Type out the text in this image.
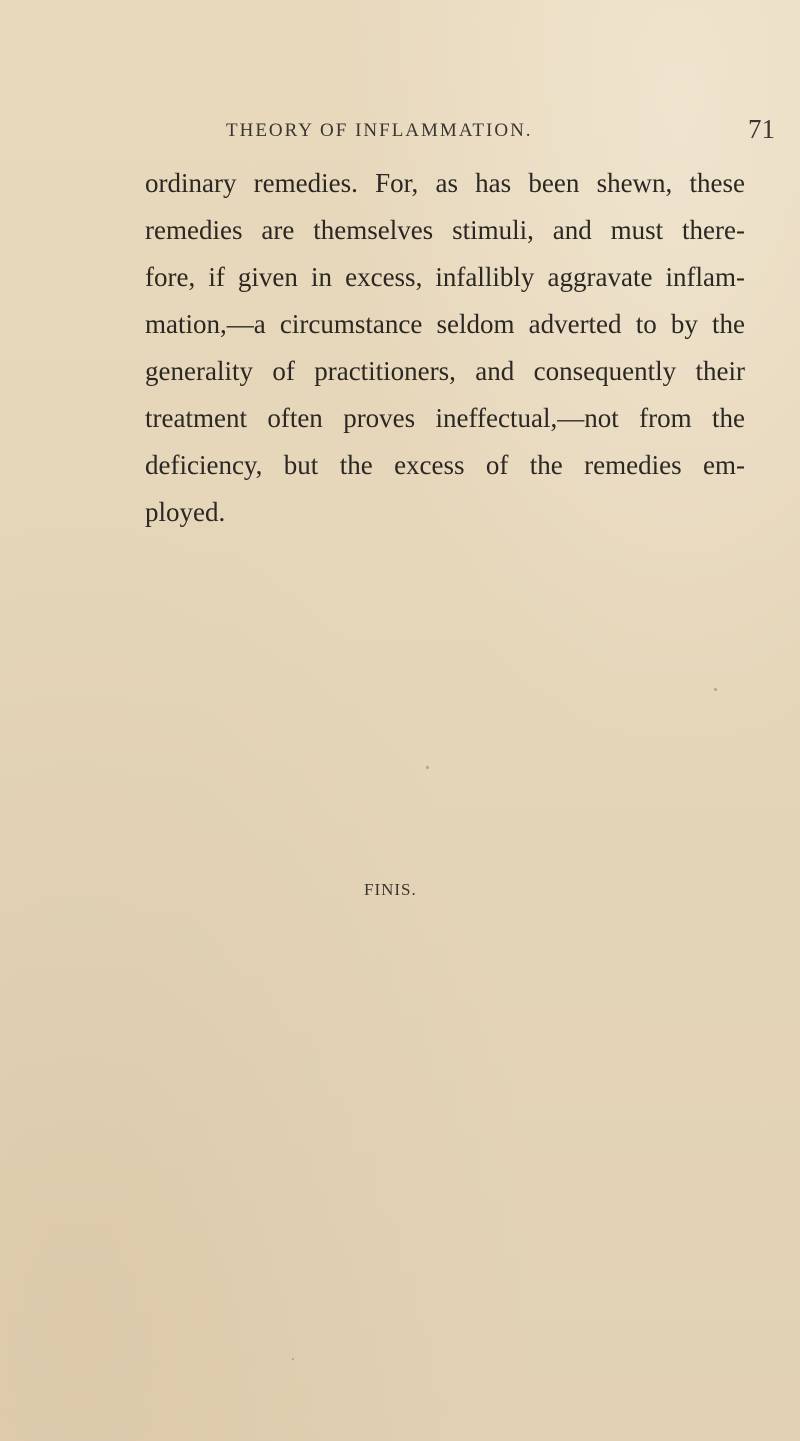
THEORY OF INFLAMMATION.	71
ordinary remedies. For, as has been shewn, these
remedies are themselves stimuli, and must there-
fore, if given in excess, infallibly aggravate inflam-
mation,—a circumstance seldom adverted to by the
generality of practitioners, and consequently their
treatment often proves ineffectual,—not from the
deficiency, but the excess of the remedies em-
ployed.
FINIS.
